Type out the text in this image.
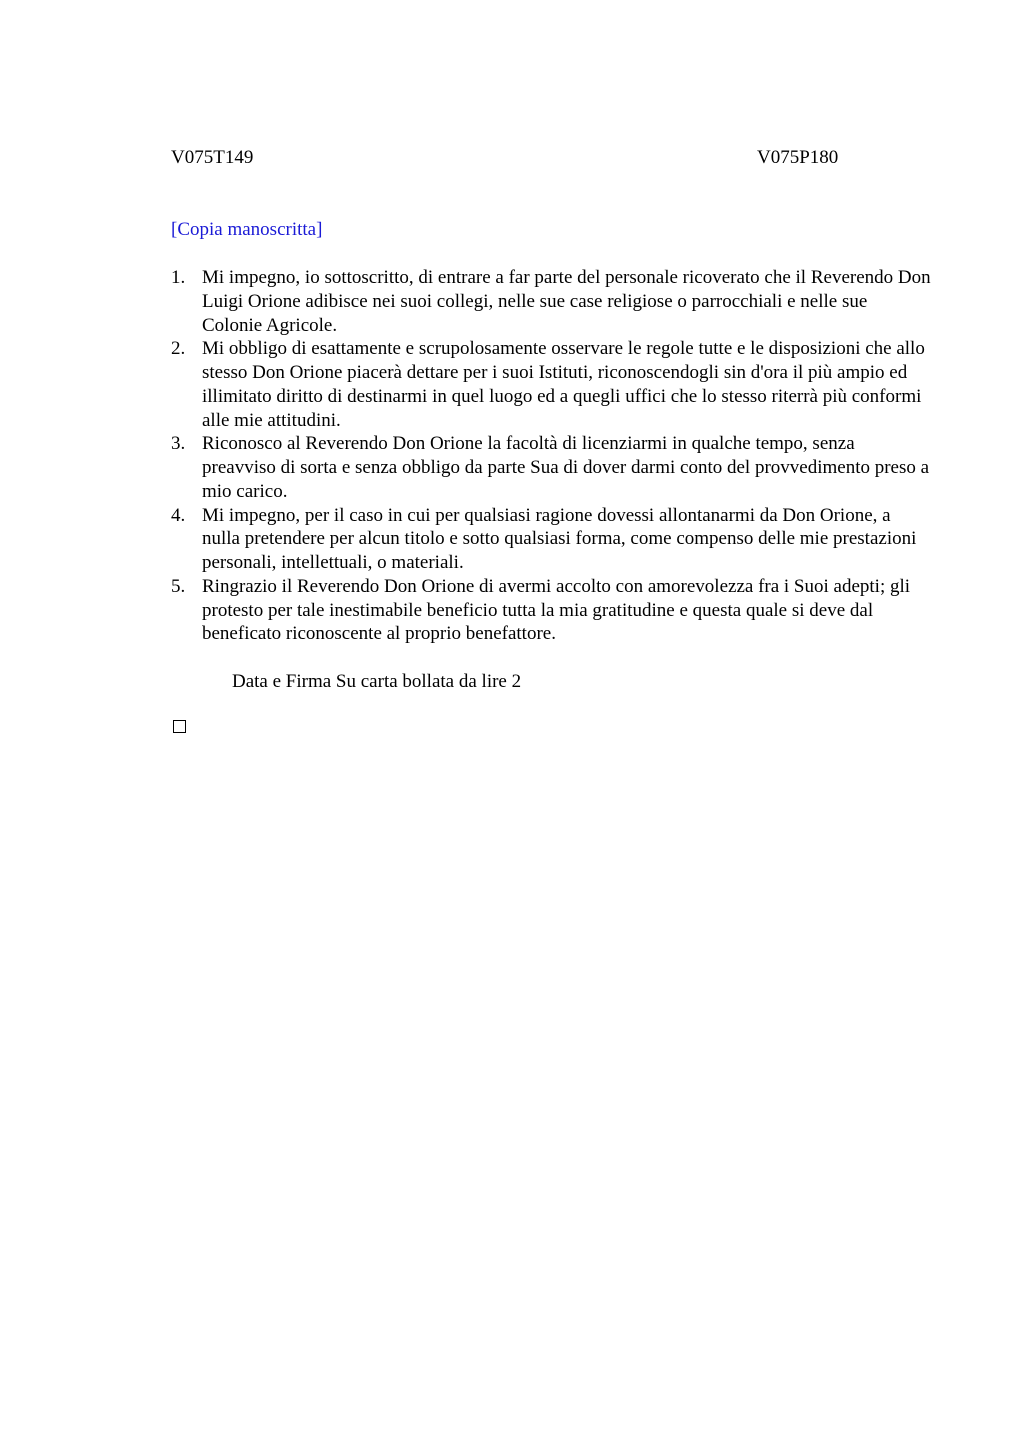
V075T149	V075P180
[Copia manoscritta]
1. Mi impegno, io sottoscritto, di entrare a far parte del personale ricoverato che il Reverendo Don Luigi Orione adibisce nei suoi collegi, nelle sue case religiose o parrocchiali e nelle sue Colonie Agricole.
2. Mi obbligo di esattamente e scrupolosamente osservare le regole tutte e le disposizioni che allo stesso Don Orione piacerà dettare per i suoi Istituti, riconoscendogli sin d'ora il più ampio ed illimitato diritto di destinarmi in quel luogo ed a quegli uffici che lo stesso riterrà più conformi alle mie attitudini.
3. Riconosco al Reverendo Don Orione la facoltà di licenziarmi in qualche tempo, senza preavviso di sorta e senza obbligo da parte Sua di dover darmi conto del provvedimento preso a mio carico.
4. Mi impegno, per il caso in cui per qualsiasi ragione dovessi allontanarmi da Don Orione, a nulla pretendere per alcun titolo e sotto qualsiasi forma, come compenso delle mie prestazioni personali, intellettuali, o materiali.
5. Ringrazio il Reverendo Don Orione di avermi accolto con amorevolezza fra i Suoi adepti; gli protesto per tale inestimabile beneficio tutta la mia gratitudine e questa quale si deve dal beneficato riconoscente al proprio benefattore.
Data e Firma Su carta bollata da lire 2
